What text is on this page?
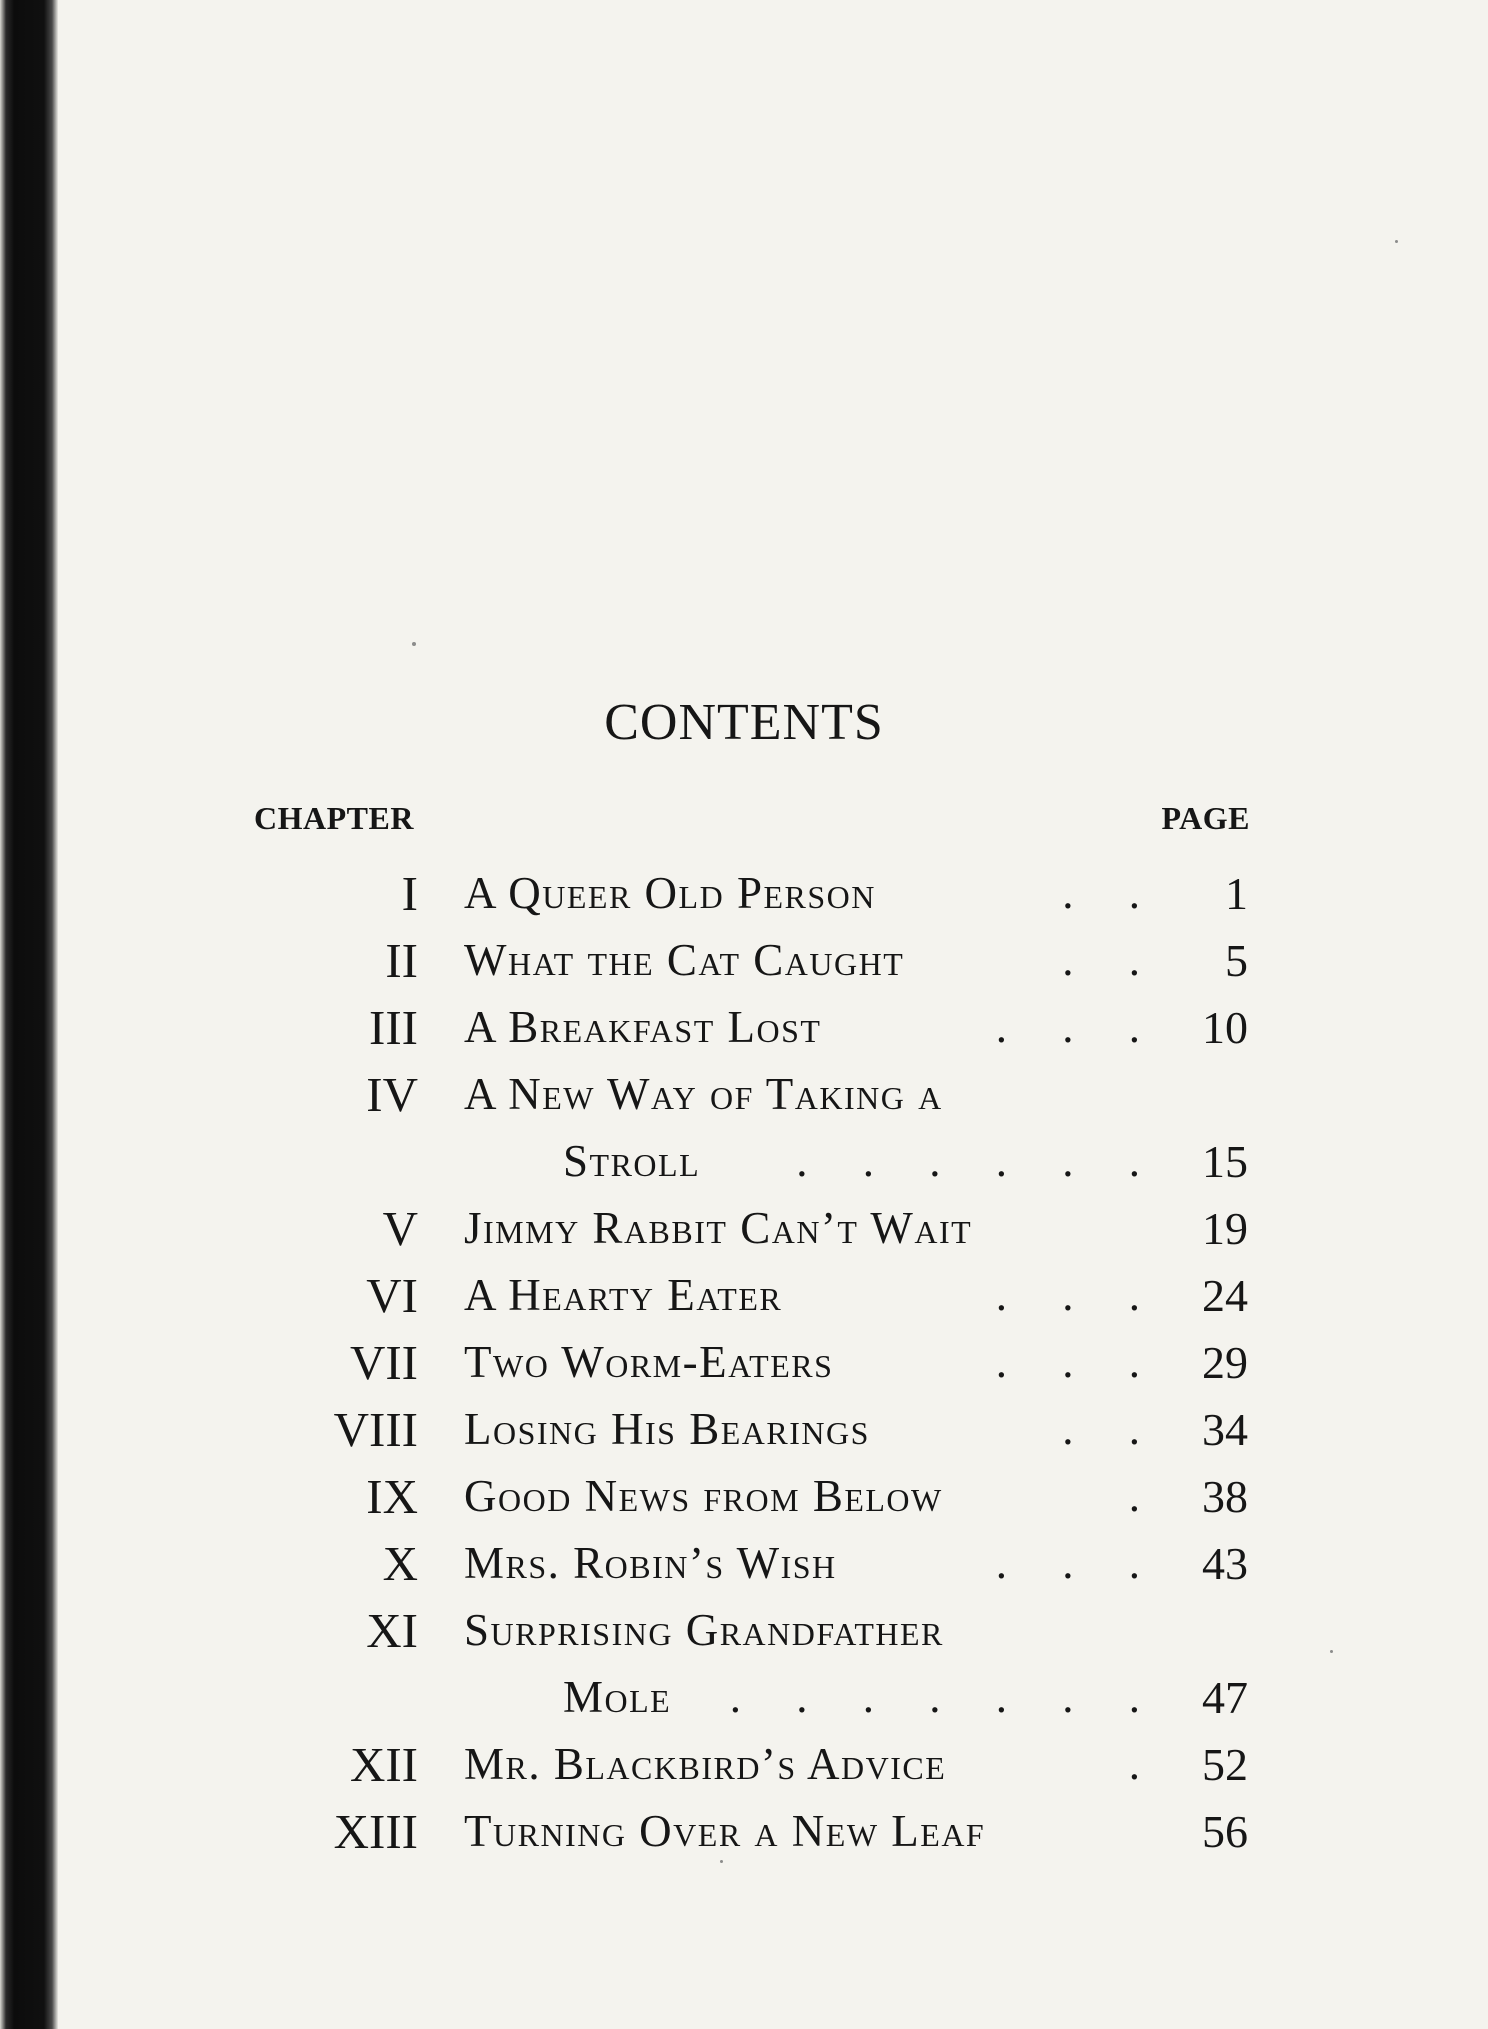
CONTENTS
CHAPTER	PAGE
I A Queer Old Person	. . 1
II What the Cat Caught	. . 5
III A Breakfast Lost	. . . 10
IV A New Way of Taking a
Stroll . . . . . . 15
V Jimmy Rabbit Can’t Wait	19
VI A Hearty Eater	. . . 24
VII Two Worm-Eaters	. . . 29
VIII Losing His Bearings	. . 34
IX Good News from Below	. 38
X Mrs. Robin’s Wish	. . . 43
XI Surprising Grandfather
Mole . . . . . . . 47
XII Mr. Blackbird’s Advice	. 52
XIII Turning Over a New Leaf	56
